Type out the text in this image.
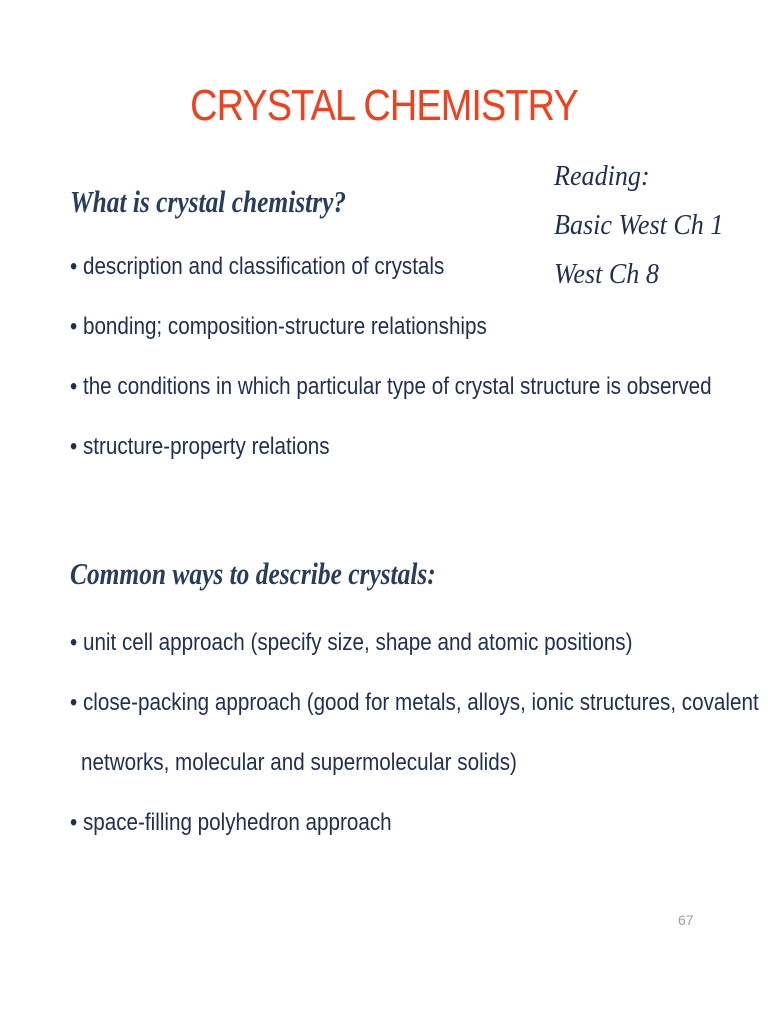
CRYSTAL CHEMISTRY
Reading:
Basic West Ch 1
West Ch 8
What is crystal chemistry?
• description and classification of crystals
• bonding; composition-structure relationships
• the conditions in which particular type of crystal structure is observed
• structure-property relations
Common ways to describe crystals:
• unit cell approach (specify size, shape and atomic positions)
• close-packing approach (good for metals, alloys, ionic structures, covalent
networks, molecular and supermolecular solids)
• space-filling polyhedron approach
67
